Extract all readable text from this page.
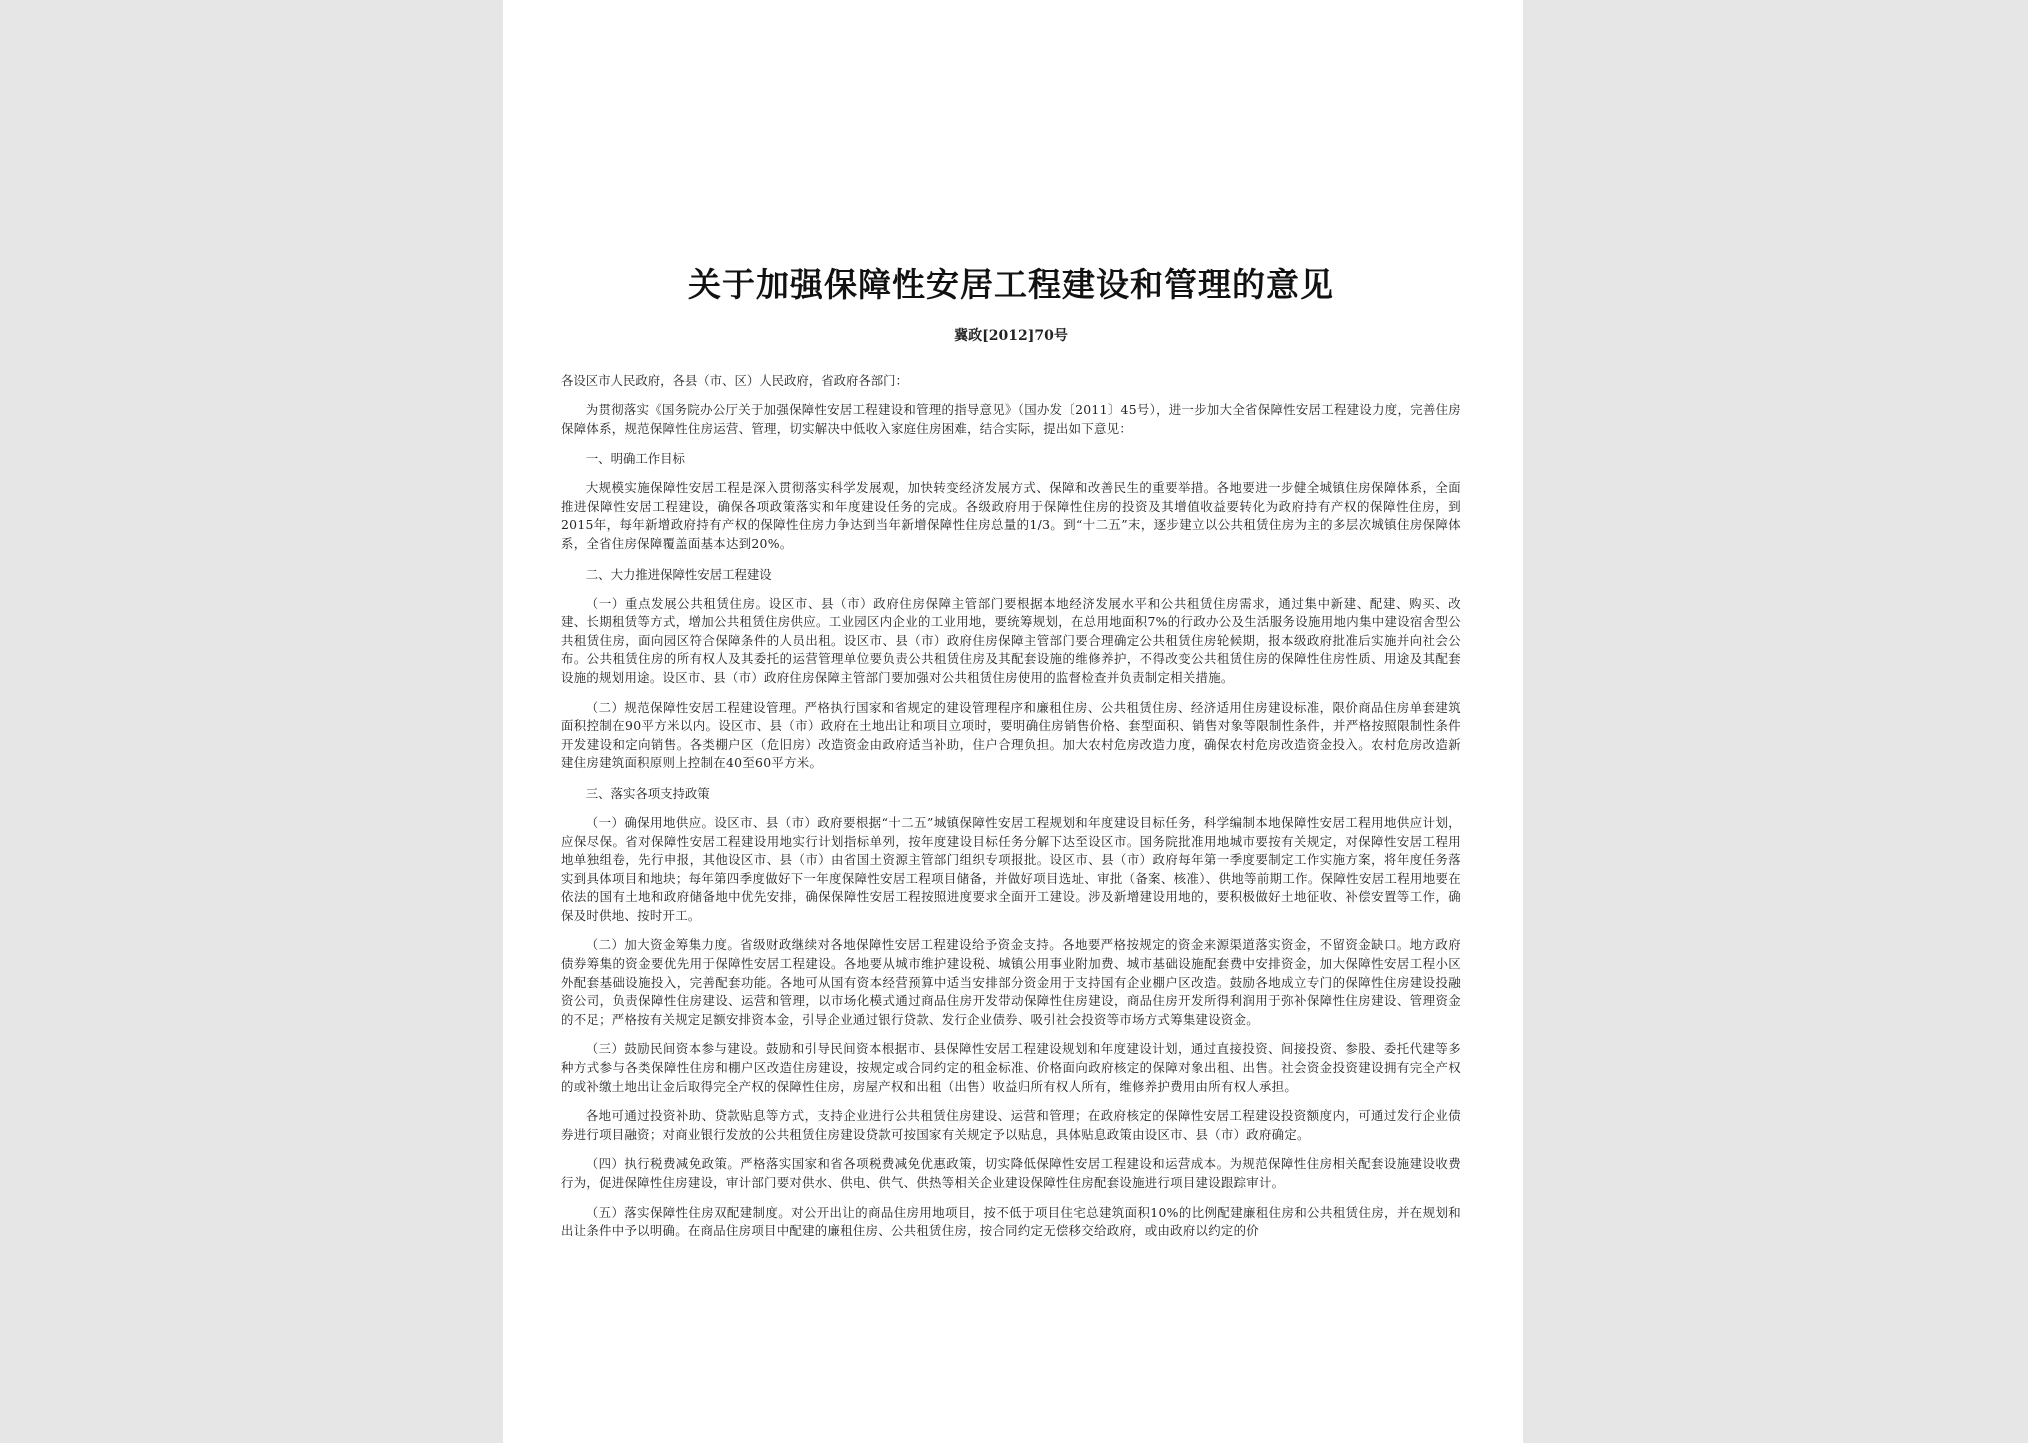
关于加强保障性安居工程建设和管理的意见
冀政[2012]70号
各设区市人民政府，各县（市、区）人民政府，省政府各部门：

为贯彻落实《国务院办公厅关于加强保障性安居工程建设和管理的指导意见》（国办发〔2011〕45号），进一步加大全省保障性安居工程建设力度，完善住房保障体系，规范保障性住房运营、管理，切实解决中低收入家庭住房困难，结合实际，提出如下意见：

一、明确工作目标

大规模实施保障性安居工程是深入贯彻落实科学发展观，加快转变经济发展方式、保障和改善民生的重要举措。各地要进一步健全城镇住房保障体系，全面推进保障性安居工程建设，确保各项政策落实和年度建设任务的完成。各级政府用于保障性住房的投资及其增值收益要转化为政府持有产权的保障性住房，到2015年，每年新增政府持有产权的保障性住房力争达到当年新增保障性住房总量的1/3。到“十二五”末，逐步建立以公共租赁住房为主的多层次城镇住房保障体系，全省住房保障覆盖面基本达到20%。

二、大力推进保障性安居工程建设

（一）重点发展公共租赁住房。设区市、县（市）政府住房保障主管部门要根据本地经济发展水平和公共租赁住房需求，通过集中新建、配建、购买、改建、长期租赁等方式，增加公共租赁住房供应。工业园区内企业的工业用地，要统筹规划，在总用地面积7%的行政办公及生活服务设施用地内集中建设宿舍型公共租赁住房，面向园区符合保障条件的人员出租。设区市、县（市）政府住房保障主管部门要合理确定公共租赁住房轮候期，报本级政府批准后实施并向社会公布。公共租赁住房的所有权人及其委托的运营管理单位要负责公共租赁住房及其配套设施的维修养护，不得改变公共租赁住房的保障性住房性质、用途及其配套设施的规划用途。设区市、县（市）政府住房保障主管部门要加强对公共租赁住房使用的监督检查并负责制定相关措施。

（二）规范保障性安居工程建设管理。严格执行国家和省规定的建设管理程序和廉租住房、公共租赁住房、经济适用住房建设标准，限价商品住房单套建筑面积控制在90平方米以内。设区市、县（市）政府在土地出让和项目立项时，要明确住房销售价格、套型面积、销售对象等限制性条件，并严格按照限制性条件开发建设和定向销售。各类棚户区（危旧房）改造资金由政府适当补助，住户合理负担。加大农村危房改造力度，确保农村危房改造资金投入。农村危房改造新建住房建筑面积原则上控制在40至60平方米。

三、落实各项支持政策

（一）确保用地供应。设区市、县（市）政府要根据“十二五”城镇保障性安居工程规划和年度建设目标任务，科学编制本地保障性安居工程用地供应计划，应保尽保。省对保障性安居工程建设用地实行计划指标单列，按年度建设目标任务分解下达至设区市。国务院批准用地城市要按有关规定，对保障性安居工程用地单独组卷，先行申报，其他设区市、县（市）由省国土资源主管部门组织专项报批。设区市、县（市）政府每年第一季度要制定工作实施方案，将年度任务落实到具体项目和地块；每年第四季度做好下一年度保障性安居工程项目储备，并做好项目选址、审批（备案、核准）、供地等前期工作。保障性安居工程用地要在依法的国有土地和政府储备地中优先安排，确保保障性安居工程按照进度要求全面开工建设。涉及新增建设用地的，要积极做好土地征收、补偿安置等工作，确保及时供地、按时开工。

（二）加大资金筹集力度。省级财政继续对各地保障性安居工程建设给予资金支持。各地要严格按规定的资金来源渠道落实资金，不留资金缺口。地方政府债券筹集的资金要优先用于保障性安居工程建设。各地要从城市维护建设税、城镇公用事业附加费、城市基础设施配套费中安排资金，加大保障性安居工程小区外配套基础设施投入，完善配套功能。各地可从国有资本经营预算中适当安排部分资金用于支持国有企业棚户区改造。鼓励各地成立专门的保障性住房建设投融资公司，负责保障性住房建设、运营和管理，以市场化模式通过商品住房开发带动保障性住房建设，商品住房开发所得利润用于弥补保障性住房建设、管理资金的不足；严格按有关规定足额安排资本金，引导企业通过银行贷款、发行企业债券、吸引社会投资等市场方式筹集建设资金。

（三）鼓励民间资本参与建设。鼓励和引导民间资本根据市、县保障性安居工程建设规划和年度建设计划，通过直接投资、间接投资、参股、委托代建等多种方式参与各类保障性住房和棚户区改造住房建设，按规定或合同约定的租金标准、价格面向政府核定的保障对象出租、出售。社会资金投资建设拥有完全产权的或补缴土地出让金后取得完全产权的保障性住房，房屋产权和出租（出售）收益归所有权人所有，维修养护费用由所有权人承担。

各地可通过投资补助、贷款贴息等方式，支持企业进行公共租赁住房建设、运营和管理；在政府核定的保障性安居工程建设投资额度内，可通过发行企业债券进行项目融资；对商业银行发放的公共租赁住房建设贷款可按国家有关规定予以贴息，具体贴息政策由设区市、县（市）政府确定。

（四）执行税费减免政策。严格落实国家和省各项税费减免优惠政策，切实降低保障性安居工程建设和运营成本。为规范保障性住房相关配套设施建设收费行为，促进保障性住房建设，审计部门要对供水、供电、供气、供热等相关企业建设保障性住房配套设施进行项目建设跟踪审计。

（五）落实保障性住房双配建制度。对公开出让的商品住房用地项目，按不低于项目住宅总建筑面积10%的比例配建廉租住房和公共租赁住房，并在规划和出让条件中予以明确。在商品住房项目中配建的廉租住房、公共租赁住房，按合同约定无偿移交给政府，或由政府以约定的价
